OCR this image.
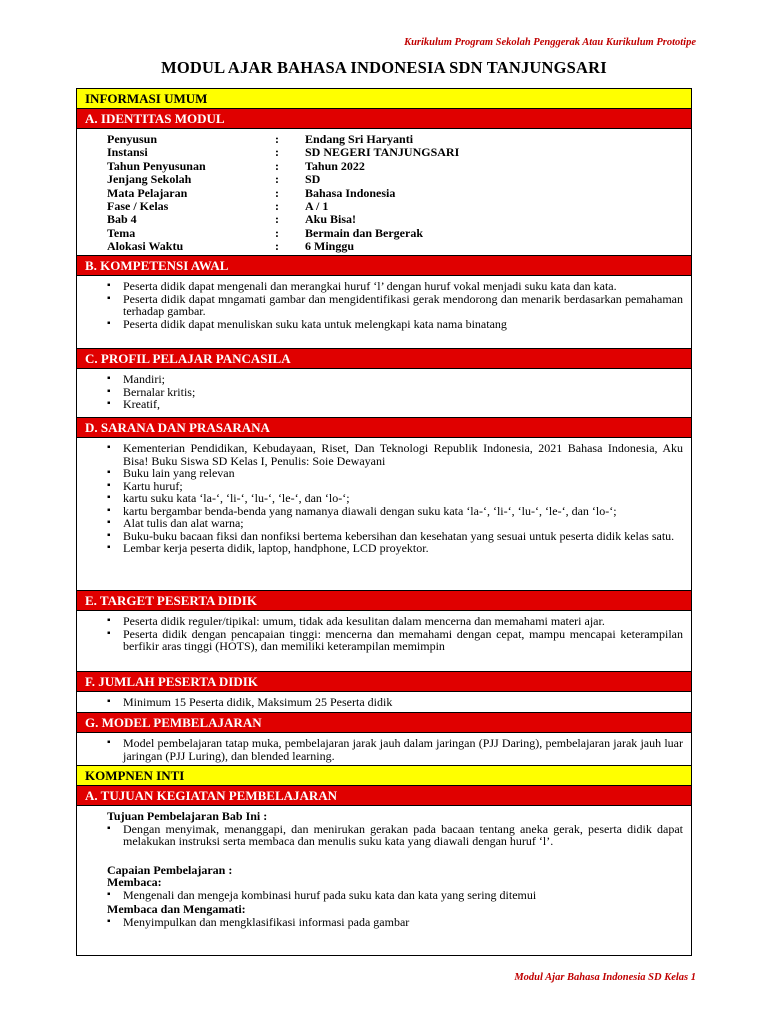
Kurikulum Program Sekolah Penggerak Atau Kurikulum Prototipe
MODUL AJAR BAHASA INDONESIA SDN TANJUNGSARI
INFORMASI UMUM
A. IDENTITAS MODUL
Penyusun	:	Endang Sri Haryanti
Instansi	:	SD NEGERI TANJUNGSARI
Tahun Penyusunan	:	Tahun 2022
Jenjang Sekolah	:	SD
Mata Pelajaran	:	Bahasa Indonesia
Fase / Kelas	:	A / 1
Bab 4	:	Aku Bisa!
Tema	:	Bermain dan Bergerak
Alokasi Waktu	:	6 Minggu
B. KOMPETENSI AWAL
▪ Peserta didik dapat mengenali dan merangkai huruf ‘l’ dengan huruf vokal menjadi suku kata dan kata.
▪ Peserta didik dapat mngamati gambar dan mengidentifikasi gerak mendorong dan menarik berdasarkan pemahaman terhadap gambar.
▪ Peserta didik dapat menuliskan suku kata untuk melengkapi kata nama binatang
C. PROFIL PELAJAR PANCASILA
▪ Mandiri;
▪ Bernalar kritis;
▪ Kreatif,
D. SARANA DAN PRASARANA
▪ Kementerian Pendidikan, Kebudayaan, Riset, Dan Teknologi Republik Indonesia, 2021 Bahasa Indonesia, Aku Bisa! Buku Siswa SD Kelas I, Penulis: Soie Dewayani
▪ Buku lain yang relevan
▪ Kartu huruf;
▪ kartu suku kata ‘la-‘, ‘li-‘, ‘lu-‘, ‘le-‘, dan ‘lo-‘;
▪ kartu bergambar benda-benda yang namanya diawali dengan suku kata ‘la-‘, ‘li-‘, ‘lu-‘, ‘le-‘, dan ‘lo-‘;
▪ Alat tulis dan alat warna;
▪ Buku-buku bacaan fiksi dan nonfiksi bertema kebersihan dan kesehatan yang sesuai untuk peserta didik kelas satu.
▪ Lembar kerja peserta didik, laptop, handphone, LCD proyektor.
E. TARGET PESERTA DIDIK
▪ Peserta didik reguler/tipikal: umum, tidak ada kesulitan dalam mencerna dan memahami materi ajar.
▪ Peserta didik dengan pencapaian tinggi: mencerna dan memahami dengan cepat, mampu mencapai keterampilan berfikir aras tinggi (HOTS), dan memiliki keterampilan memimpin
F. JUMLAH PESERTA DIDIK
▪ Minimum 15 Peserta didik, Maksimum 25 Peserta didik
G. MODEL PEMBELAJARAN
▪ Model pembelajaran tatap muka, pembelajaran jarak jauh dalam jaringan (PJJ Daring), pembelajaran jarak jauh luar jaringan (PJJ Luring), dan blended learning.
KOMPNEN INTI
A. TUJUAN KEGIATAN PEMBELAJARAN
Tujuan Pembelajaran Bab Ini :
▪ Dengan menyimak, menanggapi, dan menirukan gerakan pada bacaan tentang aneka gerak, peserta didik dapat melakukan instruksi serta membaca dan menulis suku kata yang diawali dengan huruf ‘l’.
Capaian Pembelajaran :
Membaca:
▪ Mengenali dan mengeja kombinasi huruf pada suku kata dan kata yang sering ditemui
Membaca dan Mengamati:
▪ Menyimpulkan dan mengklasifikasi informasi pada gambar
Modul Ajar Bahasa Indonesia SD Kelas 1
